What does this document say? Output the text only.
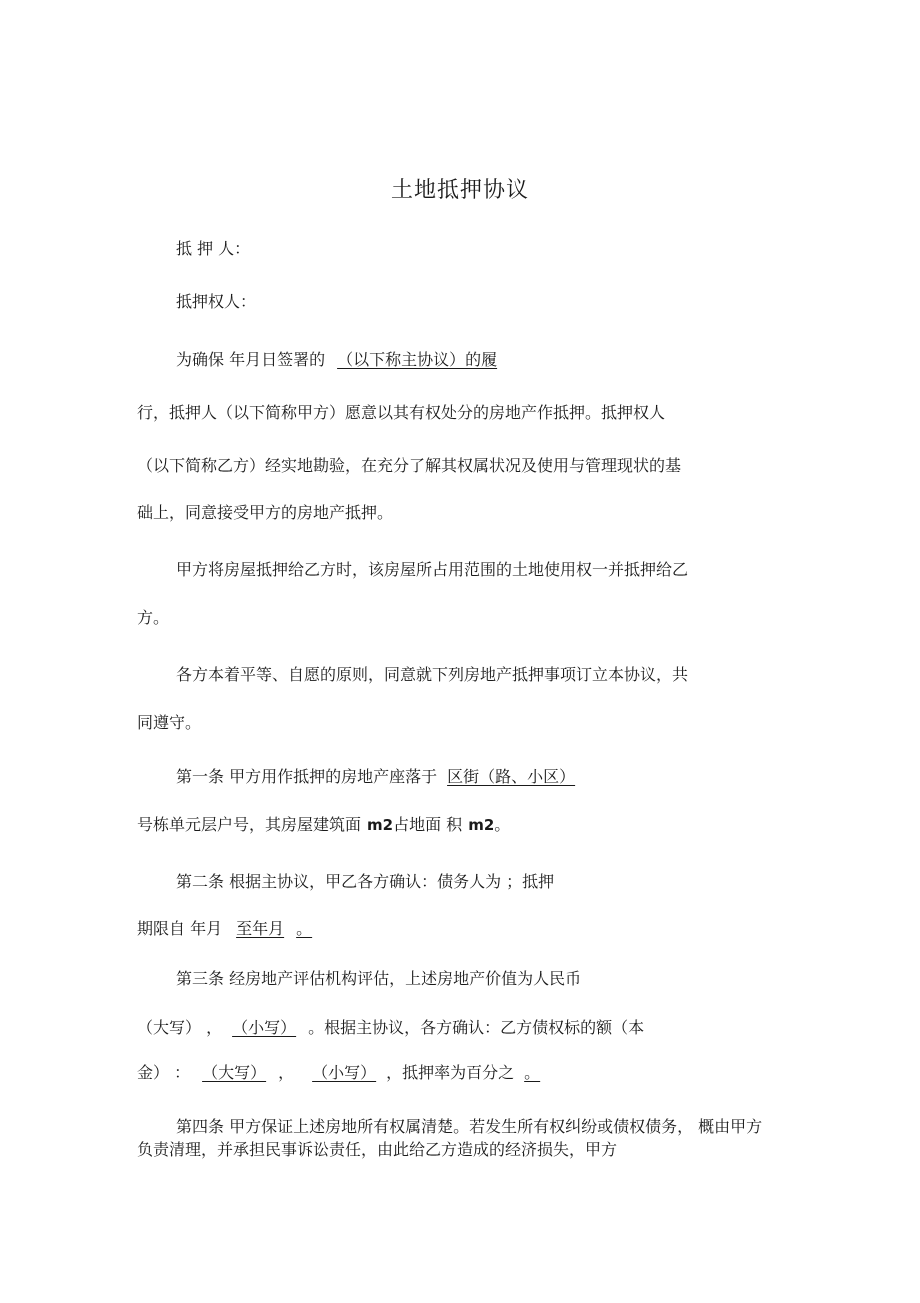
土地抵押协议
抵 押 人：
抵押权人：
为确保 年月日签署的 （以下称主协议）的履
行，抵押人（以下简称甲方）愿意以其有权处分的房地产作抵押。抵押权人
（以下简称乙方）经实地勘验，在充分了解其权属状况及使用与管理现状的基
础上，同意接受甲方的房地产抵押。
甲方将房屋抵押给乙方时，该房屋所占用范围的土地使用权一并抵押给乙
方。
各方本着平等、自愿的原则，同意就下列房地产抵押事项订立本协议，共
同遵守。
第一条 甲方用作抵押的房地产座落于 区街（路、小区）
号栋单元层户号，其房屋建筑面 m2占地面 积 m2。
第二条 根据主协议，甲乙各方确认：债务人为 ；抵押
期限自 年月 至年月 。
第三条 经房地产评估机构评估，上述房地产价值为人民币
（大写） ， （小写） 。根据主协议，各方确认：乙方债权标的额（本
金） ： （大写） ， （小写） ，抵押率为百分之 。
第四条 甲方保证上述房地所有权属清楚。若发生所有权纠纷或债权债务， 概由甲方
负责清理，并承担民事诉讼责任，由此给乙方造成的经济损失，甲方
